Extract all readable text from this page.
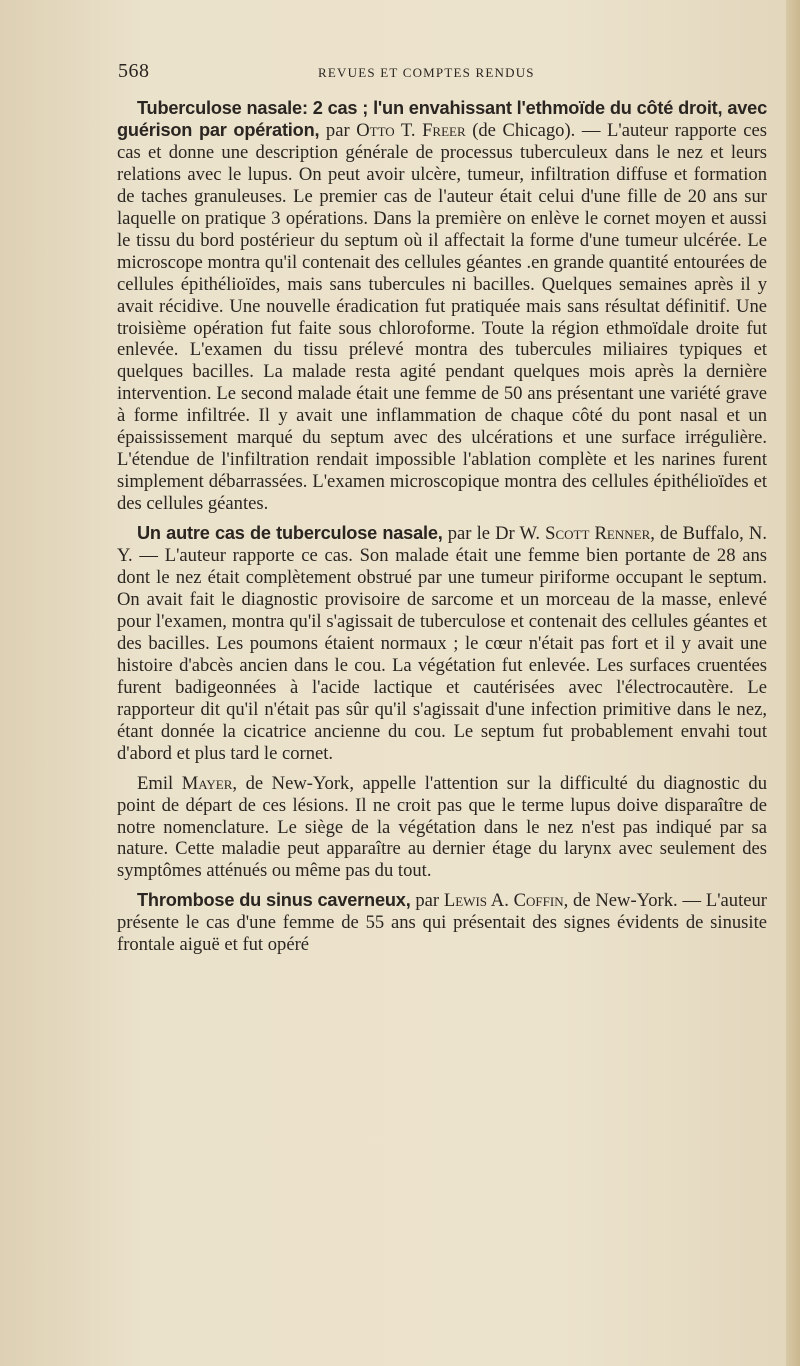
568	REVUES ET COMPTES RENDUS

Tuberculose nasale: 2 cas ; l'un envahissant l'ethmoïde du côté droit, avec guérison par opération, par Otto T. Freer (de Chicago). — L'auteur rapporte ces cas et donne une description générale de processus tuberculeux dans le nez et leurs relations avec le lupus. On peut avoir ulcère, tumeur, infiltration diffuse et formation de taches granuleuses. Le premier cas de l'auteur était celui d'une fille de 20 ans sur laquelle on pratique 3 opérations. Dans la première on enlève le cornet moyen et aussi le tissu du bord postérieur du septum où il affectait la forme d'une tumeur ulcérée. Le microscope montra qu'il contenait des cellules géantes .en grande quantité entourées de cellules épithélioïdes, mais sans tubercules ni bacilles. Quelques semaines après il y avait récidive. Une nouvelle éradication fut pratiquée mais sans résultat définitif. Une troisième opération fut faite sous chloroforme. Toute la région ethmoïdale droite fut enlevée. L'examen du tissu prélevé montra des tubercules miliaires typiques et quelques bacilles. La malade resta agité pendant quelques mois après la dernière intervention. Le second malade était une femme de 50 ans présentant une variété grave à forme infiltrée. Il y avait une inflammation de chaque côté du pont nasal et un épaississement marqué du septum avec des ulcérations et une surface irrégulière. L'étendue de l'infiltration rendait impossible l'ablation complète et les narines furent simplement débarrassées. L'examen microscopique montra des cellules épithélioïdes et des cellules géantes.

Un autre cas de tuberculose nasale, par le Dr W. Scott Renner, de Buffalo, N. Y. — L'auteur rapporte ce cas. Son malade était une femme bien portante de 28 ans dont le nez était complètement obstrué par une tumeur piriforme occupant le septum. On avait fait le diagnostic provisoire de sarcome et un morceau de la masse, enlevé pour l'examen, montra qu'il s'agissait de tuberculose et contenait des cellules géantes et des bacilles. Les poumons étaient normaux ; le cœur n'était pas fort et il y avait une histoire d'abcès ancien dans le cou. La végétation fut enlevée. Les surfaces cruentées furent badigeonnées à l'acide lactique et cautérisées avec l'électrocautère. Le rapporteur dit qu'il n'était pas sûr qu'il s'agissait d'une infection primitive dans le nez, étant donnée la cicatrice ancienne du cou. Le septum fut probablement envahi tout d'abord et plus tard le cornet.

Emil Mayer, de New-York, appelle l'attention sur la difficulté du diagnostic du point de départ de ces lésions. Il ne croit pas que le terme lupus doive disparaître de notre nomenclature. Le siège de la végétation dans le nez n'est pas indiqué par sa nature. Cette maladie peut apparaître au dernier étage du larynx avec seulement des symptômes atténués ou même pas du tout.

Thrombose du sinus caverneux, par Lewis A. Coffin, de New-York. — L'auteur présente le cas d'une femme de 55 ans qui présentait des signes évidents de sinusite frontale aiguë et fut opéré
